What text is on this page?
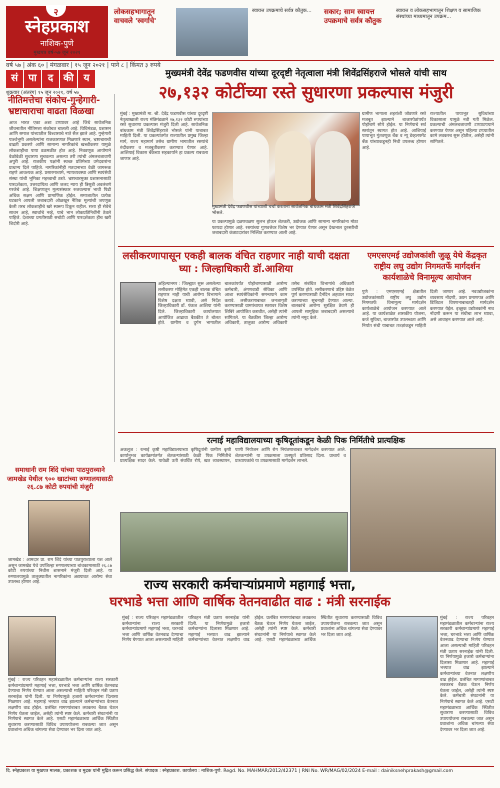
२
स्नेहप्रकाश
नाशिक-पुणे
लोकसहभागातून वाचवले 'स्वर्गाचे'
स्वायत्त उपक्रमाचे सर्वत्र कौतुक...	सकार; साम स्वायत्त उपक्रमाचे सर्वत्र कौतुक
स्वायत्त व लोकसहभागातून शिक्षण व सामाजिक संस्थांच्या माध्यमातून उपक्रम...
मुखपत्र वर्ष-५७ जून २०२१
वर्ष ५७ | अंक ६० | मंगळवार | १५ जून २०२१ | पाने ८ | किंमत ३ रुपये
सं	पा	द	की य
शुक्रवार (अंतरंग) १५ जून २०२१, वर्ष ५७
नीतिमत्तेचा संकोच-गुन्हेगारी-भ्रष्टाचाराचा वाढता विळखा
आज भारत एका अशा टप्प्यावर आहे जिथे सार्वजनिक जीवनातील नीतिमत्ता संकोचत चालली आहे. विधिमंडळ, प्रशासन आणि समाज यांच्यातील विश्वासाचे नाते सैल झाले आहे. गुन्हेगारी पार्श्वभूमी असलेल्यांना राजकारणात मिळणारे स्थान, भ्रष्टाचाराची वाढती प्रकरणे आणि सामान्य नागरिकांचे खच्चीकरण यामुळे लोकशाहीचा पाया डळमळीत होत आहे. निवडणूक आयोगाने वेळोवेळी सुधारणा सुचवल्या असल्या तरी त्यांची अंमलबजावणी अपुरी आहे. राजकीय पक्षांनी स्वच्छ प्रतिमेच्या उमेदवारांना प्राधान्य दिले पाहिजे. नागरिकांनीही मतदानाच्या वेळी जागरूक राहणे आवश्यक आहे. प्रसारमाध्यमे, न्यायव्यवस्था आणि स्वयंसेवी संस्था यांची भूमिका महत्त्वाची ठरते. भ्रष्टाचारमुक्त प्रशासनासाठी पारदर्शकता, उत्तरदायित्व आणि जलद न्याय ही त्रिसूत्री अवलंबणे गरजेचे आहे. शिक्षणातून मूल्यसंस्कार रुजवल्यास भावी पिढी अधिक सक्षम आणि प्रामाणिक होईल. समाजातील प्रत्येक घटकाने आपली जबाबदारी ओळखून नैतिक मूल्यांची जपणूक केली तरच लोकशाहीचे खरे स्वरूप टिकून राहील. सत्ता ही सेवेचे साधन आहे, स्वार्थाचे नव्हे, याचे भान लोकप्रतिनिधींनी ठेवले पाहिजे. देशाच्या प्रगतीसाठी सचोटी आणि पारदर्शकता हीच खरी शिदोरी आहे.
मुख्यमंत्री देवेंद्र फडणवीस यांच्या दूरदृष्टी नेतृत्वाला मंत्री शिवेंद्रसिंहराजे भोसले यांची साथ
२७,१३२ कोटींच्या रस्ते सुधारणा प्रकल्पास मंजुरी
मुंबई : मुख्यमंत्री मा. श्री. देवेंद्र फडणवीस यांच्या दूरदृष्टी नेतृत्वाखाली राज्य मंत्रिमंडळाने २७,१३२ कोटी रुपयांच्या रस्ते सुधारणा प्रकल्पास मंजुरी दिली आहे. सार्वजनिक बांधकाम मंत्री शिवेंद्रसिंहराजे भोसले यांनी याबाबत माहिती दिली. या प्रकल्पांतर्गत राज्यातील प्रमुख जिल्हा मार्ग, राज्य महामार्ग तसेच ग्रामीण भागातील रस्त्यांचे रुंदीकरण व मजबुतीकरण करण्यात येणार आहे. आशियाई विकास बँकेच्या सहकार्याने हा प्रकल्प राबवला जाणार आहे.
मुख्यमंत्री देवेंद्र फडणवीस यांच्याशी चर्चा करताना सार्वजनिक बांधकाम मंत्री शिवेंद्रसिंहराजे भोसले.
ग्रामीण भागाला शहरांशी जोडणारे रस्ते मजबूत झाल्याने बाजारपेठांपर्यंत पोहोचणे सोपे होईल. या निर्णयाचे सर्व स्तरांतून स्वागत होत आहे. आशियाई पायाभूत गुंतवणूक बँक व न्यू डेव्हलपमेंट बँक यांच्याकडूनही निधी उपलब्ध होणार आहे.
राज्यातील पायाभूत सुविधांच्या विकासाला यामुळे नवी गती मिळेल. प्रकल्पाची अंमलबजावणी टप्प्याटप्प्याने करण्यात येणार असून पहिल्या टप्प्यातील कामे लवकरच सुरू होतील, असेही त्यांनी सांगितले.
या प्रकल्पामुळे दळणवळण सुलभ होऊन शेतकरी, उद्योजक आणि सामान्य नागरिकांना मोठा फायदा होणार आहे. रस्त्यांच्या गुणवत्तेवर विशेष भर देण्यात येणार असून देखभाल दुरुस्तीची जबाबदारी कंत्राटदारांवर निश्चित करण्यात आली आहे.
लसीकरणापासून एकही बालक वंचित राहणार नाही याची दक्षता घ्या : जिल्हाधिकारी डॉ.आशिया
अहिल्यानगर : जिल्ह्यात सुरू असलेल्या लसीकरण मोहिमेत एकही बालक वंचित राहणार नाही याची आरोग्य विभागाने विशेष दक्षता घ्यावी, असे निर्देश जिल्हाधिकारी डॉ. पंकज आशिया यांनी दिले. जिल्हाधिकारी कार्यालयात आयोजित आढावा बैठकीत ते बोलत होते. ग्रामीण व दुर्गम भागातील बालकांपर्यंत पोहोचण्यासाठी आरोग्य कर्मचारी, अंगणवाडी सेविका आणि आशा स्वयंसेविकांनी समन्वयाने काम करावे. लसीकरणाबाबत जनजागृती करण्यासाठी ग्रामपंचायत स्तरावर विशेष शिबिरे आयोजित करावीत, असेही त्यांनी सांगितले. या बैठकीस जिल्हा आरोग्य अधिकारी, तालुका आरोग्य अधिकारी तसेच संबंधित विभागांचे अधिकारी उपस्थित होते. लसीकरणाचे उद्दिष्ट वेळेत पूर्ण करण्यासाठी दैनंदिन अहवाल सादर करण्याच्या सूचनाही देण्यात आल्या. बालकांचे आरोग्य सुरक्षित ठेवणे ही आपली सामूहिक जबाबदारी असल्याचे त्यांनी नमूद केले.
एमएसएमई उद्योजकांशी जुळू येथे केंद्रकृत राष्ट्रीय लघु उद्योग निगमतर्फे मार्गदर्शन कार्यशाळेचे विनामूल्य आयोजन
पुणे : एमएसएमई क्षेत्रातील उद्योजकांसाठी राष्ट्रीय लघु उद्योग निगमतर्फे विनामूल्य मार्गदर्शन कार्यशाळेचे आयोजन करण्यात आले आहे. या कार्यशाळेत शासकीय योजना, कर्ज सुविधा, बाजारपेठ उपलब्धता आणि निर्यात संधी याबाबत तज्ज्ञांकडून माहिती दिली जाणार आहे. नवउद्योजकांना व्यवसाय नोंदणी, उद्यम प्रमाणपत्र आणि डिजिटल विपणनाबाबतही मार्गदर्शन करण्यात येईल. इच्छुक उद्योजकांनी नाव नोंदणी करून या संधीचा लाभ घ्यावा, असे आवाहन करण्यात आले आहे.
रत्नाई महाविद्यालयाच्या कृषिदूतांकडून केळी पिक निर्मितीचे प्रात्यक्षिक
अकलूज : रत्नाई कृषी महाविद्यालयाच्या कृषिदूतांनी ग्रामीण कृषी कार्यानुभव कार्यक्रमांतर्गत शेतकऱ्यांसाठी केळी पिक निर्मितीचे प्रात्यक्षिक सादर केले. यावेळी उती संवर्धित रोपे, खत व्यवस्थापन, पाणी नियोजन आणि रोग नियंत्रणाबाबत मार्गदर्शन करण्यात आले. शेतकऱ्यांनी या उपक्रमाला उत्स्फूर्त प्रतिसाद दिला. प्राचार्य व प्राध्यापकांचे या उपक्रमासाठी मार्गदर्शन लाभले.
समाधानी राम शिंदे यांच्या पाठपुराव्याने जामखेड येथील ९०० खाटांच्या रुग्णालयासाठी २६.८७ कोटी रुपयांची मंजुरी
जामखेड : आमदार प्रा. राम शिंदे यांच्या पाठपुराव्याला यश आले असून जामखेड येथे उपजिल्हा रुग्णालयाच्या बांधकामासाठी २६.८७ कोटी रुपयांच्या निधीस शासनाने मंजुरी दिली आहे. या रुग्णालयामुळे तालुक्यातील नागरिकांना अद्ययावत आरोग्य सेवा उपलब्ध होणार आहे.	राज्य सरकारी कर्मचाऱ्यांप्रमाणे महागाई भत्ता,
घरभाडे भत्ता आणि वार्षिक वेतनवाढीत वाढ : मंत्री सरनाईक
मुंबई : राज्य परिवहन महामंडळातील कर्मचाऱ्यांना राज्य सरकारी कर्मचाऱ्यांप्रमाणे महागाई भत्ता, घरभाडे भत्ता आणि वार्षिक वेतनवाढ देण्याचा निर्णय घेण्यात आला असल्याची माहिती परिवहन मंत्री प्रताप सरनाईक यांनी दिली. या निर्णयामुळे हजारो कर्मचाऱ्यांना दिलासा मिळणार आहे. महागाई भत्त्यात वाढ झाल्याने कर्मचाऱ्यांच्या वेतनात लक्षणीय वाढ होईल. प्रलंबित मागण्यांबाबत लवकरच बैठक घेऊन निर्णय घेतला जाईल, असेही त्यांनी स्पष्ट केले. कर्मचारी संघटनांनी या निर्णयाचे स्वागत केले आहे. एसटी महामंडळाच्या आर्थिक स्थितीत सुधारणा करण्यासाठी विविध उपाययोजना राबवल्या जात असून प्रवाशांना अधिक चांगल्या सेवा देण्यावर भर दिला जात आहे.
मुंबई : राज्य परिवहन महामंडळातील कर्मचाऱ्यांना राज्य सरकारी कर्मचाऱ्यांप्रमाणे महागाई भत्ता, घरभाडे भत्ता आणि वार्षिक वेतनवाढ देण्याचा निर्णय घेण्यात आला असल्याची माहिती परिवहन मंत्री प्रताप सरनाईक यांनी दिली. या निर्णयामुळे हजारो कर्मचाऱ्यांना दिलासा मिळणार आहे. महागाई भत्त्यात वाढ झाल्याने कर्मचाऱ्यांच्या वेतनात लक्षणीय वाढ होईल. प्रलंबित मागण्यांबाबत लवकरच बैठक घेऊन निर्णय घेतला जाईल, असेही त्यांनी स्पष्ट केले. कर्मचारी संघटनांनी या निर्णयाचे स्वागत केले आहे. एसटी महामंडळाच्या आर्थिक स्थितीत सुधारणा करण्यासाठी विविध उपाययोजना राबवल्या जात असून प्रवाशांना अधिक चांगल्या सेवा देण्यावर भर दिला जात आहे.
मुंबई : राज्य परिवहन महामंडळातील कर्मचाऱ्यांना राज्य सरकारी कर्मचाऱ्यांप्रमाणे महागाई भत्ता, घरभाडे भत्ता आणि वार्षिक वेतनवाढ देण्याचा निर्णय घेण्यात आला असल्याची माहिती परिवहन मंत्री प्रताप सरनाईक यांनी दिली. या निर्णयामुळे हजारो कर्मचाऱ्यांना दिलासा मिळणार आहे. महागाई भत्त्यात वाढ झाल्याने कर्मचाऱ्यांच्या वेतनात लक्षणीय वाढ होईल. प्रलंबित मागण्यांबाबत लवकरच बैठक घेऊन निर्णय घेतला जाईल, असेही त्यांनी स्पष्ट केले. कर्मचारी संघटनांनी या निर्णयाचे स्वागत केले आहे. एसटी महामंडळाच्या आर्थिक स्थितीत सुधारणा करण्यासाठी विविध उपाययोजना राबवल्या जात असून प्रवाशांना अधिक चांगल्या सेवा देण्यावर भर दिला जात आहे.
दि. स्नेहप्रकाश या मुखपत्र मालक, प्रकाशक व मुद्रक यांनी मुद्रित करून प्रसिद्ध केले. संपादक : स्नेहप्रकाश. कार्यालय : नाशिक-पुणे. Regd. No. MAHMAR/2012/42371 | RNI No. WR/MAG/02/2024 E-mail : dainiksnehprakash@gmail.com
